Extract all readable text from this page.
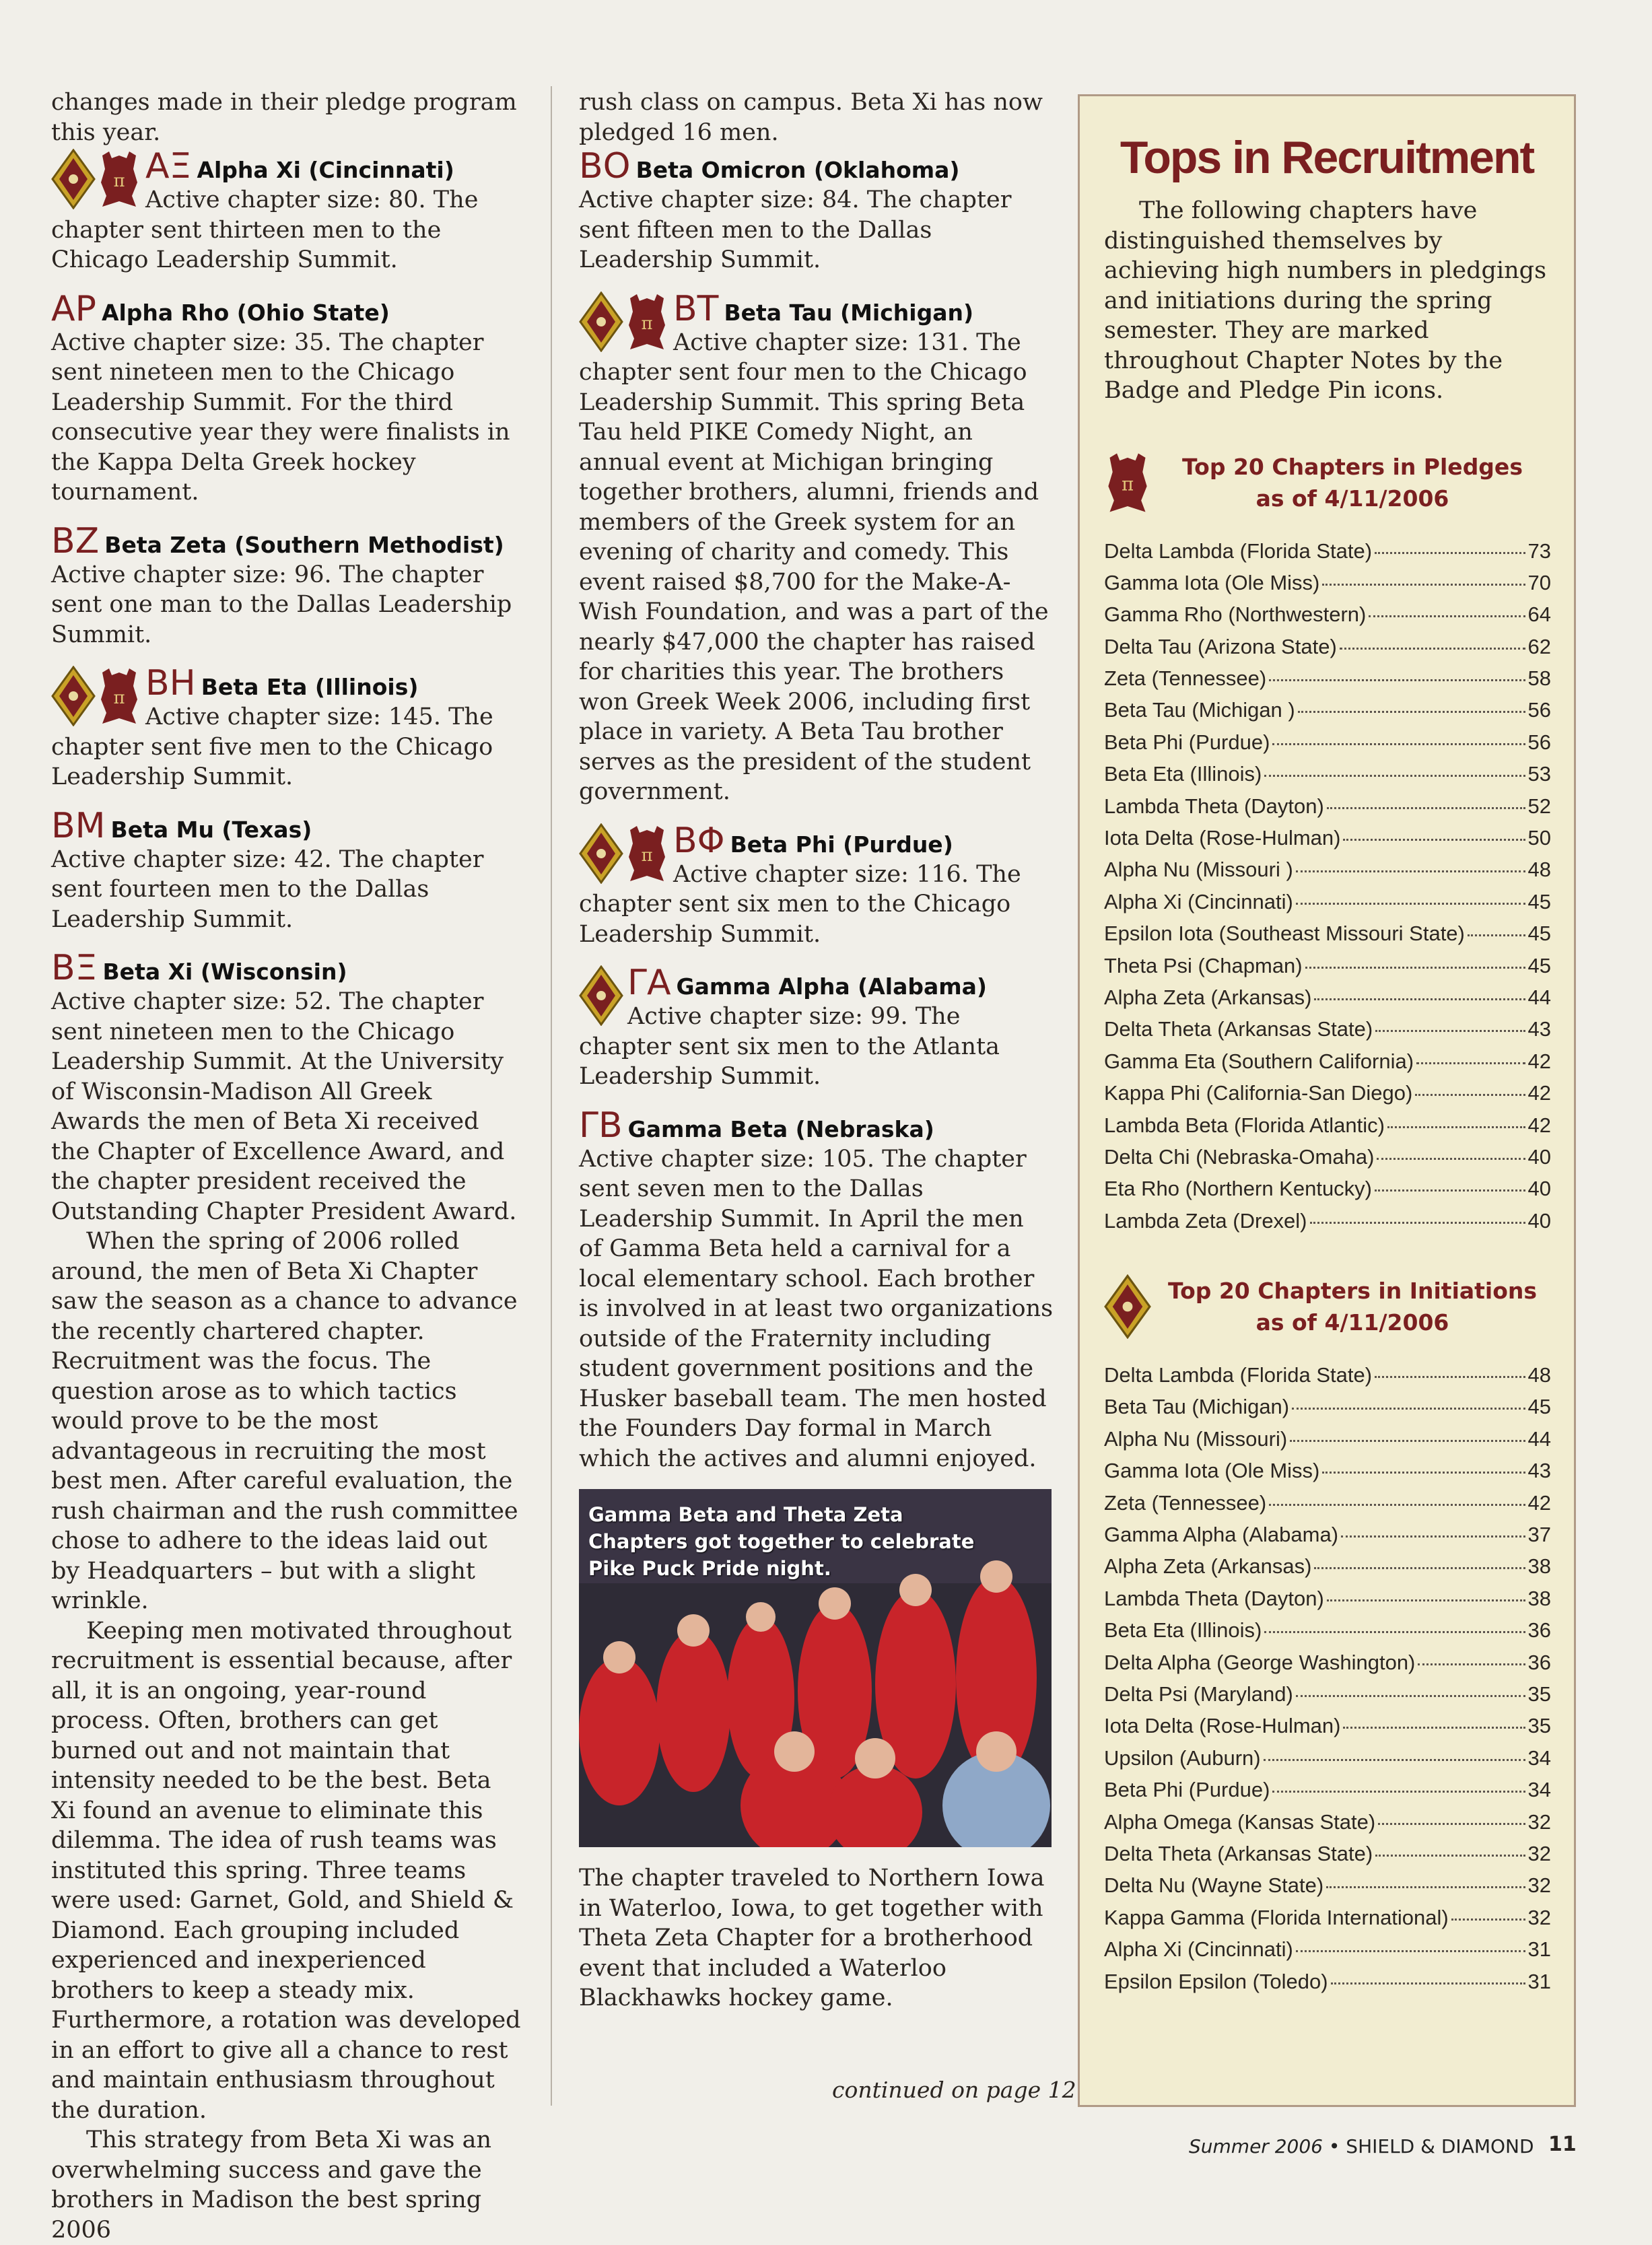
changes made in their pledge program this year.

ΑΞ Alpha Xi (Cincinnati)

Active chapter size: 80. The chapter sent thirteen men to the Chicago Leadership Summit.

ΑΡ Alpha Rho (Ohio State)

Active chapter size: 35. The chapter sent nineteen men to the Chicago Leadership Summit. For the third consecutive year they were finalists in the Kappa Delta Greek hockey tournament.

ΒΖ Beta Zeta (Southern Methodist)

Active chapter size: 96. The chapter sent one man to the Dallas Leadership Summit.

ΒΗ Beta Eta (Illinois)

Active chapter size: 145. The chapter sent five men to the Chicago Leadership Summit.

ΒΜ Beta Mu (Texas)

Active chapter size: 42. The chapter sent fourteen men to the Dallas Leadership Summit.

ΒΞ Beta Xi (Wisconsin)

Active chapter size: 52. The chapter sent nineteen men to the Chicago Leadership Summit. At the University of Wisconsin-Madison All Greek Awards the men of Beta Xi received the Chapter of Excellence Award, and the chapter president received the Outstanding Chapter President Award.

When the spring of 2006 rolled around, the men of Beta Xi Chapter saw the season as a chance to advance the recently chartered chapter. Recruitment was the focus. The question arose as to which tactics would prove to be the most advantageous in recruiting the most best men. After careful evaluation, the rush chairman and the rush committee chose to adhere to the ideas laid out by Headquarters – but with a slight wrinkle.

Keeping men motivated throughout recruitment is essential because, after all, it is an ongoing, year-round process. Often, brothers can get burned out and not maintain that intensity needed to be the best. Beta Xi found an avenue to eliminate this dilemma. The idea of rush teams was instituted this spring. Three teams were used: Garnet, Gold, and Shield & Diamond. Each grouping included experienced and inexperienced brothers to keep a steady mix. Furthermore, a rotation was developed in an effort to give all a chance to rest and maintain enthusiasm throughout the duration.

This strategy from Beta Xi was an overwhelming success and gave the brothers in Madison the best spring 2006

rush class on campus. Beta Xi has now pledged 16 men.

ΒΟ Beta Omicron (Oklahoma)

Active chapter size: 84. The chapter sent fifteen men to the Dallas Leadership Summit.

ΒΤ Beta Tau (Michigan)

Active chapter size: 131. The chapter sent four men to the Chicago Leadership Summit. This spring Beta Tau held PIKE Comedy Night, an annual event at Michigan bringing together brothers, alumni, friends and members of the Greek system for an evening of charity and comedy. This event raised $8,700 for the Make-A-Wish Foundation, and was a part of the nearly $47,000 the chapter has raised for charities this year. The brothers won Greek Week 2006, including first place in variety. A Beta Tau brother serves as the president of the student government.

ΒΦ Beta Phi (Purdue)

Active chapter size: 116. The chapter sent six men to the Chicago Leadership Summit.

ΓΑ Gamma Alpha (Alabama)

Active chapter size: 99. The chapter sent six men to the Atlanta Leadership Summit.

ΓΒ Gamma Beta (Nebraska)

Active chapter size: 105. The chapter sent seven men to the Dallas Leadership Summit. In April the men of Gamma Beta held a carnival for a local elementary school. Each brother is involved in at least two organizations outside of the Fraternity including student government positions and the Husker baseball team. The men hosted the Founders Day formal in March which the actives and alumni enjoyed.

Gamma Beta and Theta Zeta Chapters got together to celebrate Pike Puck Pride night.

The chapter traveled to Northern Iowa in Waterloo, Iowa, to get together with Theta Zeta Chapter for a brotherhood event that included a Waterloo Blackhawks hockey game.

continued on page 12
Tops in Recruitment

The following chapters have distinguished themselves by achieving high numbers in pledgings and initiations during the spring semester. They are marked throughout Chapter Notes by the Badge and Pledge Pin icons.

Top 20 Chapters in Pledges
as of 4/11/2006
Delta Lambda (Florida State)	73
Gamma Iota (Ole Miss)	70
Gamma Rho (Northwestern)	64
Delta Tau (Arizona State)	62
Zeta (Tennessee)	58
Beta Tau (Michigan )	56
Beta Phi (Purdue)	56
Beta Eta (Illinois)	53
Lambda Theta (Dayton)	52
Iota Delta (Rose-Hulman)	50
Alpha Nu (Missouri )	48
Alpha Xi (Cincinnati)	45
Epsilon Iota (Southeast Missouri State)	45
Theta Psi (Chapman)	45
Alpha Zeta (Arkansas)	44
Delta Theta (Arkansas State)	43
Gamma Eta (Southern California)	42
Kappa Phi (California-San Diego)	42
Lambda Beta (Florida Atlantic)	42
Delta Chi (Nebraska-Omaha)	40
Eta Rho (Northern Kentucky)	40
Lambda Zeta (Drexel)	40
Top 20 Chapters in Initiations
as of 4/11/2006
Delta Lambda (Florida State)	48
Beta Tau (Michigan)	45
Alpha Nu (Missouri)	44
Gamma Iota (Ole Miss)	43
Zeta (Tennessee)	42
Gamma Alpha (Alabama)	37
Alpha Zeta (Arkansas)	38
Lambda Theta (Dayton)	38
Beta Eta (Illinois)	36
Delta Alpha (George Washington)	36
Delta Psi (Maryland)	35
Iota Delta (Rose-Hulman)	35
Upsilon (Auburn)	34
Beta Phi (Purdue)	34
Alpha Omega (Kansas State)	32
Delta Theta (Arkansas State)	32
Delta Nu (Wayne State)	32
Kappa Gamma (Florida International)	32
Alpha Xi (Cincinnati)	31
Epsilon Epsilon (Toledo)	31
Summer 2006 • SHIELD & DIAMOND 11
